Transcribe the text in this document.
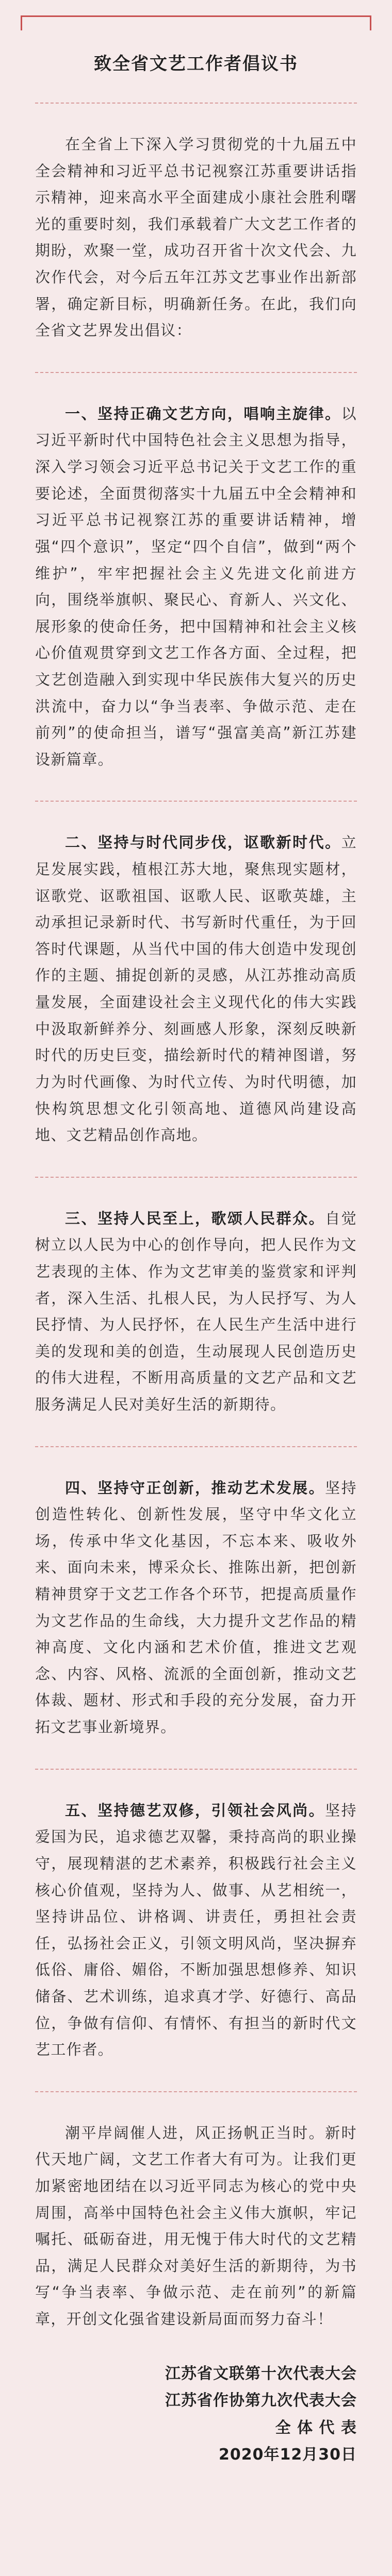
致全省文艺工作者倡议书

在全省上下深入学习贯彻党的十九届五中全会精神和习近平总书记视察江苏重要讲话指示精神，迎来高水平全面建成小康社会胜利曙光的重要时刻，我们承载着广大文艺工作者的期盼，欢聚一堂，成功召开省十次文代会、九次作代会，对今后五年江苏文艺事业作出新部署，确定新目标，明确新任务。在此，我们向全省文艺界发出倡议：

一、坚持正确文艺方向，唱响主旋律。以习近平新时代中国特色社会主义思想为指导，深入学习领会习近平总书记关于文艺工作的重要论述，全面贯彻落实十九届五中全会精神和习近平总书记视察江苏的重要讲话精神，增强“四个意识”，坚定“四个自信”，做到“两个维护”，牢牢把握社会主义先进文化前进方向，围绕举旗帜、聚民心、育新人、兴文化、展形象的使命任务，把中国精神和社会主义核心价值观贯穿到文艺工作各方面、全过程，把文艺创造融入到实现中华民族伟大复兴的历史洪流中，奋力以“争当表率、争做示范、走在前列”的使命担当，谱写“强富美高”新江苏建设新篇章。

二、坚持与时代同步伐，讴歌新时代。立足发展实践，植根江苏大地，聚焦现实题材，讴歌党、讴歌祖国、讴歌人民、讴歌英雄，主动承担记录新时代、书写新时代重任，为于回答时代课题，从当代中国的伟大创造中发现创作的主题、捕捉创新的灵感，从江苏推动高质量发展，全面建设社会主义现代化的伟大实践中汲取新鲜养分、刻画感人形象，深刻反映新时代的历史巨变，描绘新时代的精神图谱，努力为时代画像、为时代立传、为时代明德，加快构筑思想文化引领高地、道德风尚建设高地、文艺精品创作高地。

三、坚持人民至上，歌颂人民群众。自觉树立以人民为中心的创作导向，把人民作为文艺表现的主体、作为文艺审美的鉴赏家和评判者，深入生活、扎根人民，为人民抒写、为人民抒情、为人民抒怀，在人民生产生活中进行美的发现和美的创造，生动展现人民创造历史的伟大进程，不断用高质量的文艺产品和文艺服务满足人民对美好生活的新期待。

四、坚持守正创新，推动艺术发展。坚持创造性转化、创新性发展，坚守中华文化立场，传承中华文化基因，不忘本来、吸收外来、面向未来，博采众长、推陈出新，把创新精神贯穿于文艺工作各个环节，把提高质量作为文艺作品的生命线，大力提升文艺作品的精神高度、文化内涵和艺术价值，推进文艺观念、内容、风格、流派的全面创新，推动文艺体裁、题材、形式和手段的充分发展，奋力开拓文艺事业新境界。

五、坚持德艺双修，引领社会风尚。坚持爱国为民，追求德艺双馨，秉持高尚的职业操守，展现精湛的艺术素养，积极践行社会主义核心价值观，坚持为人、做事、从艺相统一，坚持讲品位、讲格调、讲责任，勇担社会责任，弘扬社会正义，引领文明风尚，坚决摒弃低俗、庸俗、媚俗，不断加强思想修养、知识储备、艺术训练，追求真才学、好德行、高品位，争做有信仰、有情怀、有担当的新时代文艺工作者。

潮平岸阔催人进，风正扬帆正当时。新时代天地广阔，文艺工作者大有可为。让我们更加紧密地团结在以习近平同志为核心的党中央周围，高举中国特色社会主义伟大旗帜，牢记嘱托、砥砺奋进，用无愧于伟大时代的文艺精品，满足人民群众对美好生活的新期待，为书写“争当表率、争做示范、走在前列”的新篇章，开创文化强省建设新局面而努力奋斗！

江苏省文联第十次代表大会
江苏省作协第九次代表大会
全 体 代 表
2020年12月30日
